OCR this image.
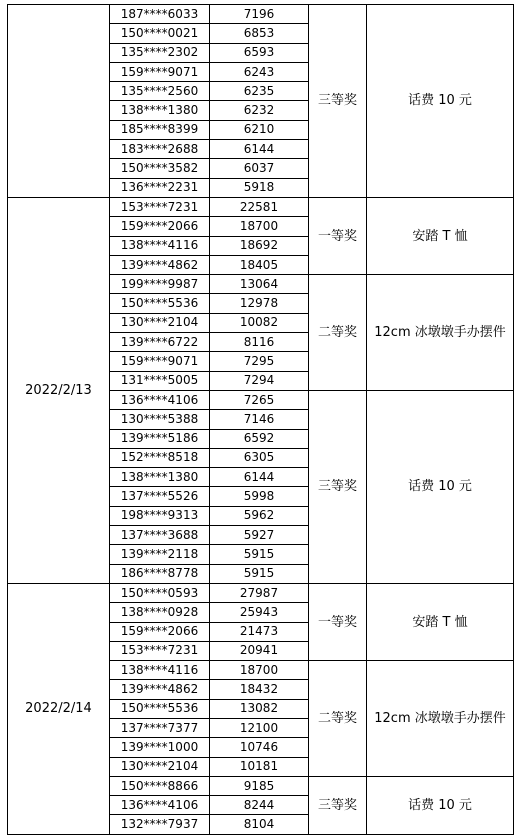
	187****6033	7196	三等奖	话费 10 元
	150****0021	6853		
	135****2302	6593		
	159****9071	6243		
	135****2560	6235		
	138****1380	6232		
	185****8399	6210		
	183****2688	6144		
	150****3582	6037		
	136****2231	5918		
2022/2/13	153****7231	22581	一等奖	安踏 T 恤
	159****2066	18700		
	138****4116	18692		
	139****4862	18405		
	199****9987	13064	二等奖	12cm 冰墩墩手办摆件
	150****5536	12978		
	130****2104	10082		
	139****6722	8116		
	159****9071	7295		
	131****5005	7294		
	136****4106	7265	三等奖	话费 10 元
	130****5388	7146		
	139****5186	6592		
	152****8518	6305		
	138****1380	6144		
	137****5526	5998		
	198****9313	5962		
	137****3688	5927		
	139****2118	5915		
	186****8778	5915		
2022/2/14	150****0593	27987	一等奖	安踏 T 恤
	138****0928	25943		
	159****2066	21473		
	153****7231	20941		
	138****4116	18700	二等奖	12cm 冰墩墩手办摆件
	139****4862	18432		
	150****5536	13082		
	137****7377	12100		
	139****1000	10746		
	130****2104	10181		
	150****8866	9185	三等奖	话费 10 元
	136****4106	8244		
	132****7937	8104		
